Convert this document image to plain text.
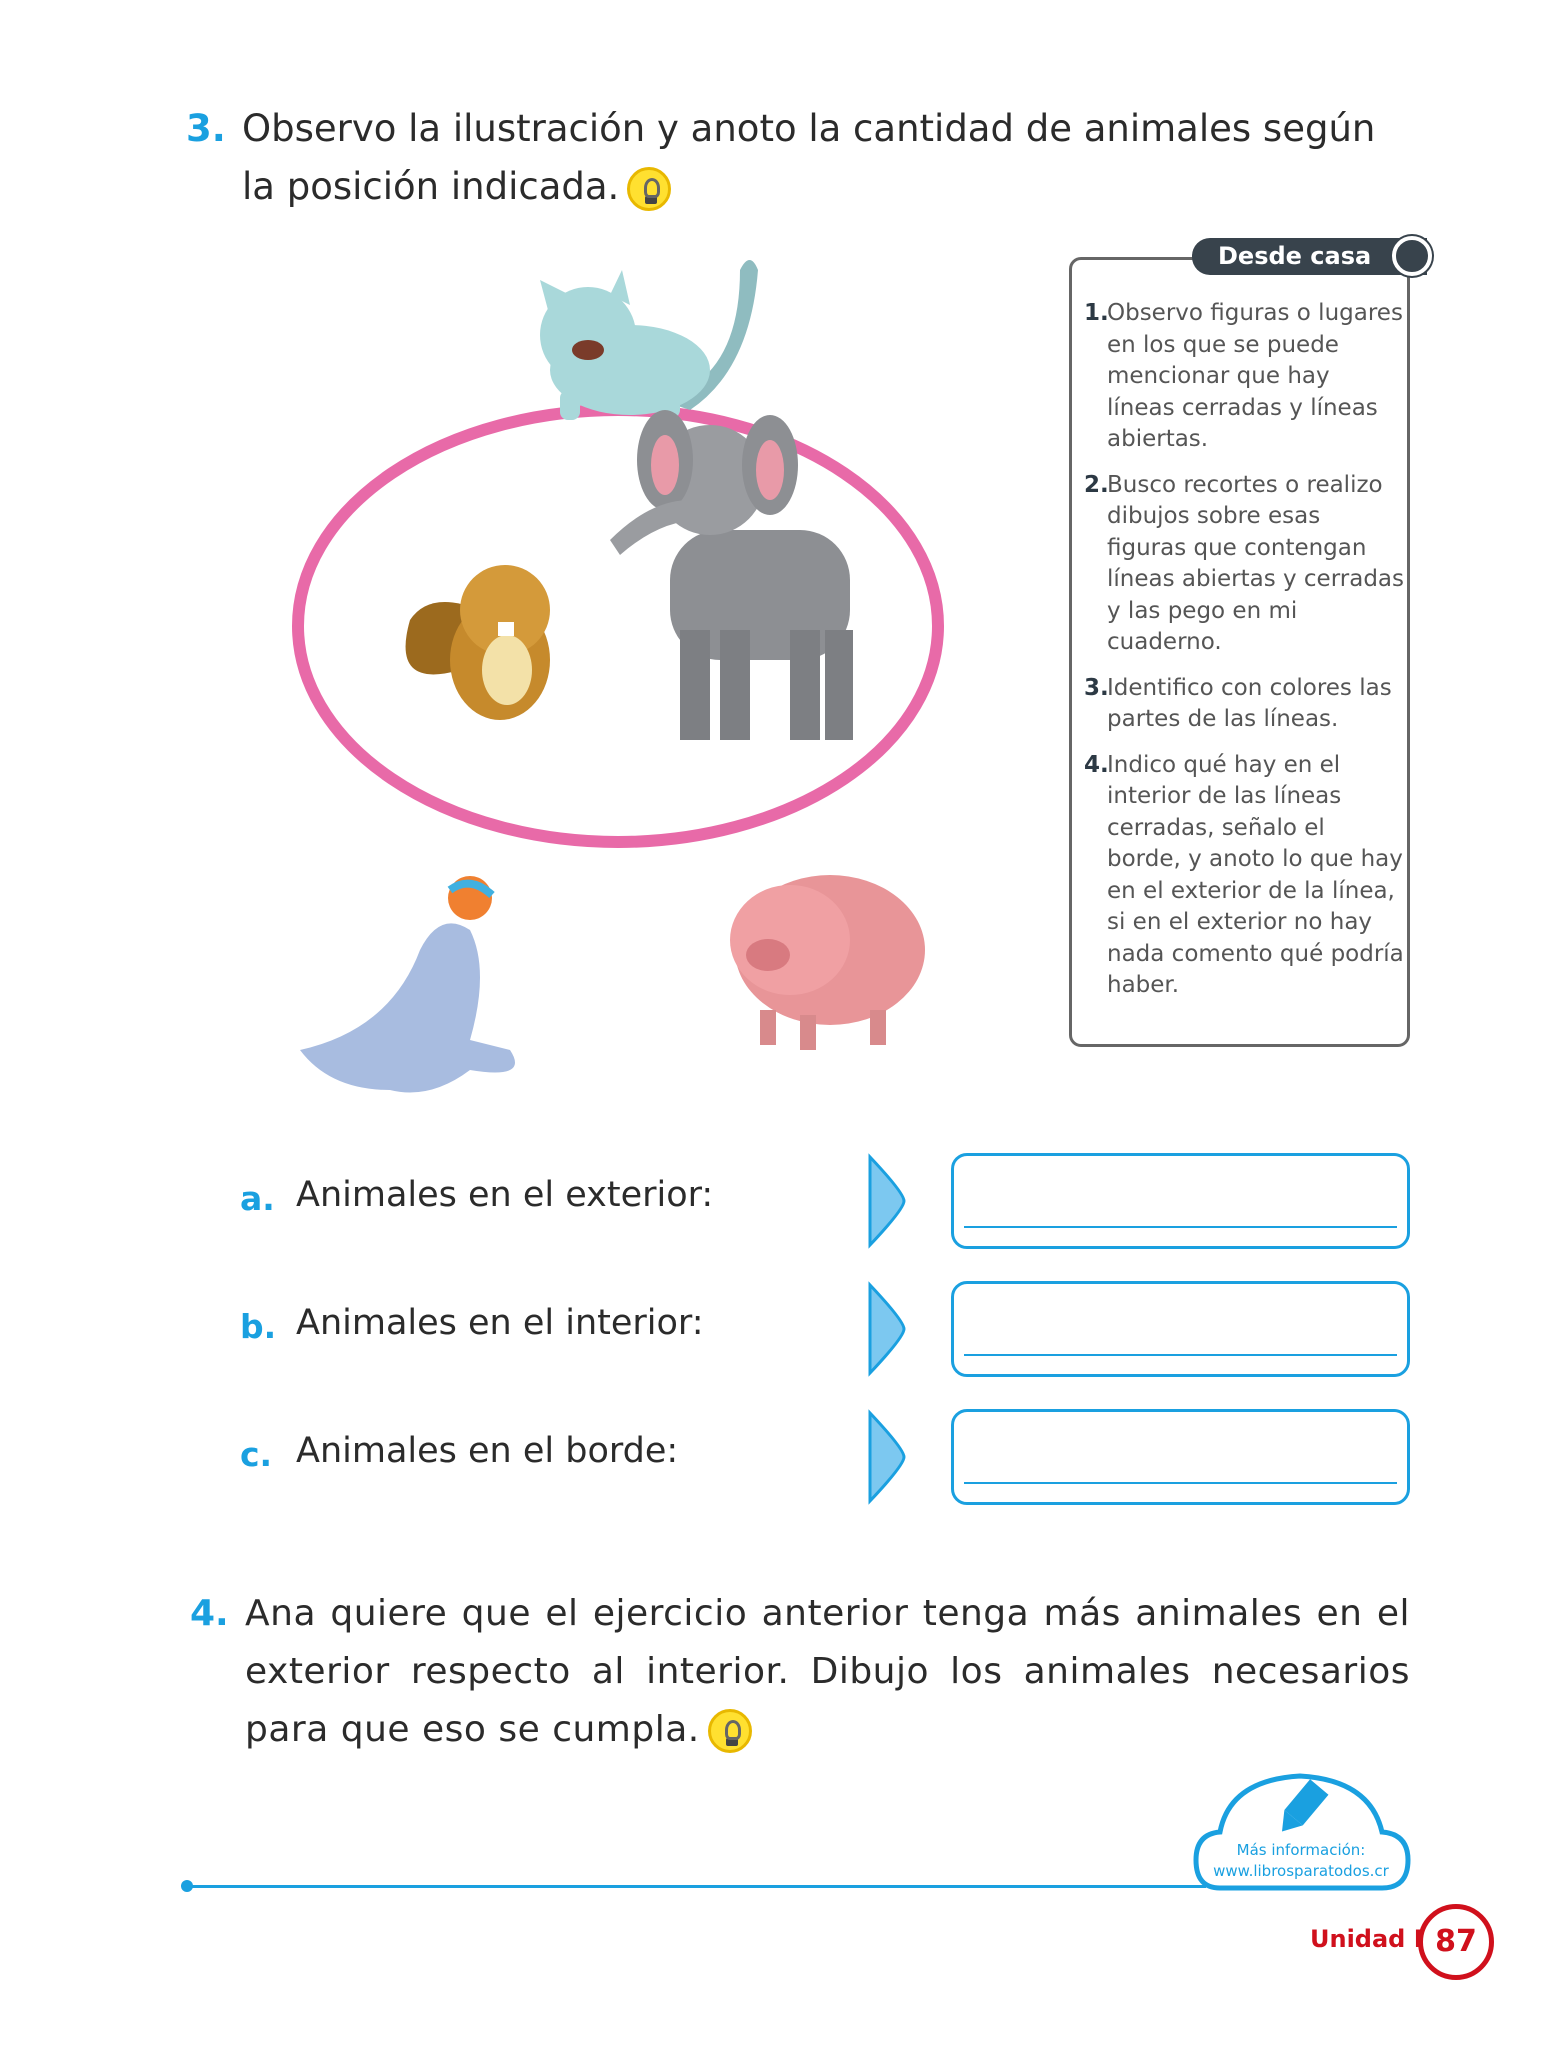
3. Observo la ilustración y anoto la cantidad de animales según la posición indicada.
Desde casa
1.
Observo figuras o lugares en los que se puede mencionar que hay líneas cerradas y líneas abiertas.
2.
Busco recortes o realizo dibujos sobre esas figuras que contengan líneas abiertas y cerradas y las pego en mi cuaderno.
3.
Identifico con colores las partes de las líneas.
4.
Indico qué hay en el interior de las líneas cerradas, señalo el borde, y anoto lo que hay en el exterior de la línea, si en el exterior no hay nada comento qué podría haber.
a. Animales en el exterior:
b. Animales en el interior:
c. Animales en el borde:
4. Ana quiere que el ejercicio anterior tenga más animales en el exterior respecto al interior. Dibujo los animales necesarios para que eso se cumpla.
Más información:
www.librosparatodos.cr
Unidad I 87
